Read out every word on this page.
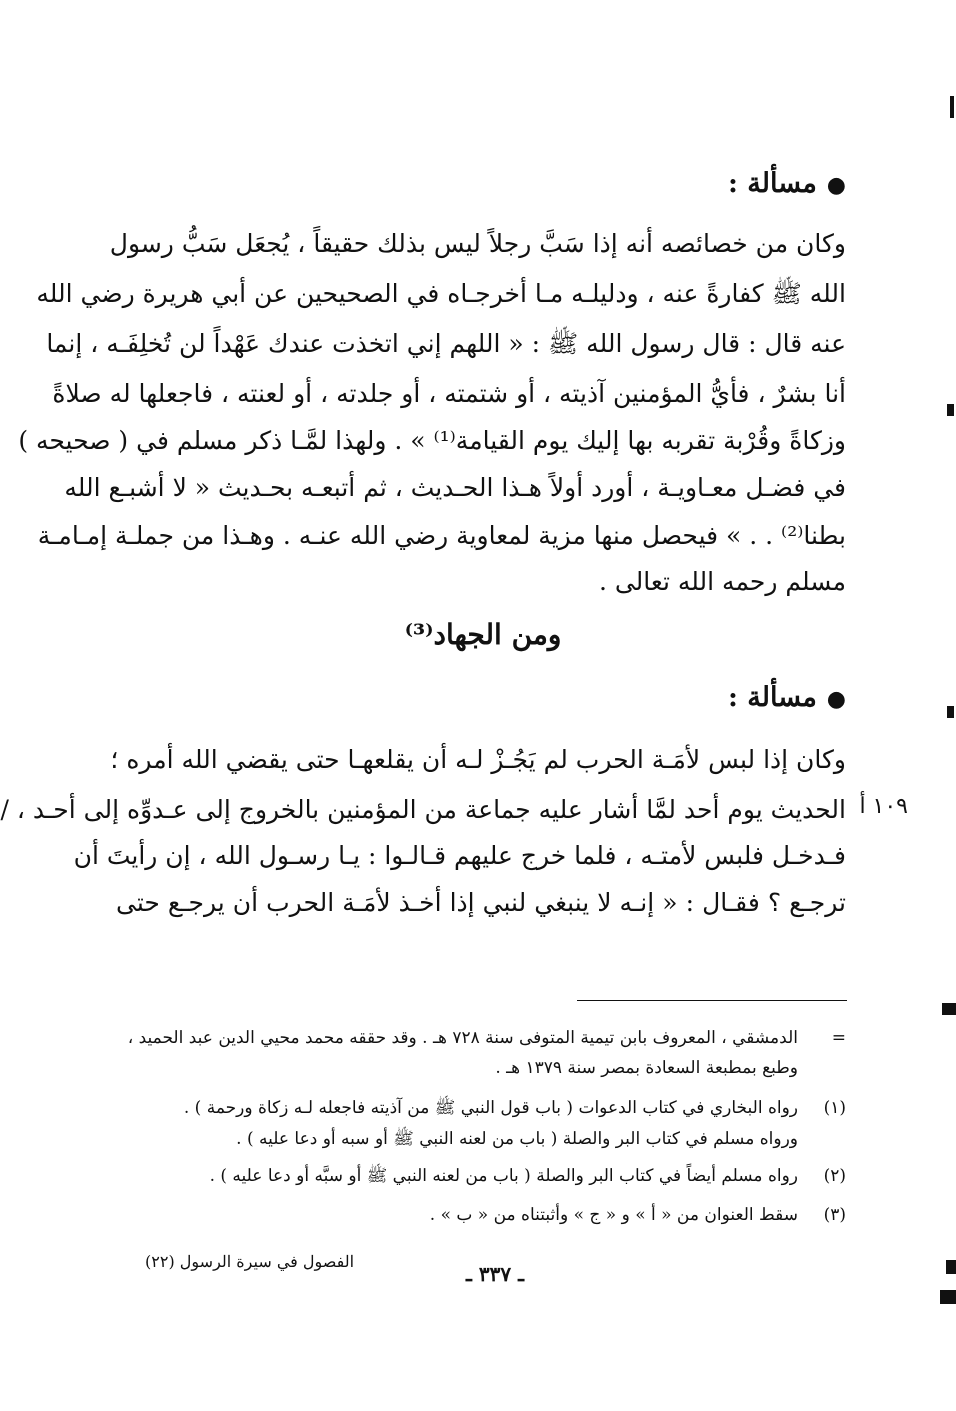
●مسألة :
وكان من خصائصه أنه إذا سَبَّ رجلاً ليس بذلك حقيقاً ، يُجعَل سَبُّ رسول
الله ﷺ كفارةً عنه ، ودليلـه مـا أخرجـاه في الصحيحين عن أبي هريرة رضي الله
عنه قال : قال رسول الله ﷺ : « اللهم إني اتخذت عندك عَهْداً لن تُخلِفَـه ، إنما
أنا بشرٌ ، فأيُّ المؤمنين آذيته ، أو شتمته ، أو جلدته ، أو لعنته ، فاجعلها له صلاةً
وزكاةً وقُرْبة تقربه بها إليك يوم القيامة⁽¹⁾ » . ولهذا لمَّـا ذكر مسلم في ( صحيحه )
في فضـل معـاويـة ، أورد أولاً هـذا الحـديث ، ثم أتبعـه بحـديث « لا أشبـع الله
بطنا⁽²⁾ . . » فيحصل منها مزية لمعاوية رضي الله عنـه . وهـذا من جملـة إمـامـة
مسلم رحمه الله تعالى .
ومن الجهاد⁽³⁾
●مسألة :
وكان إذا لبس لأمَـة الحرب لم يَجُـزْ لـه أن يقلعهـا حتى يقضي الله أمره ؛
الحديث يوم أحد لمَّا أشار عليه جماعة من المؤمنين بالخروج إلى عـدوِّه إلى أحـد ، /
فـدخـل فلبس لأمتـه ، فلما خرج عليهم قـالـوا : يـا رسـول الله ، إن رأيتَ أن
ترجـع ؟ فقـال : « إنـه لا ينبغي لنبي إذا أخـذ لأمَـة الحرب أن يرجـع حتى
١٠٩ أ
=الدمشقي ، المعروف بابن تيمية المتوفى سنة ٧٢٨ هـ . وقد حققه محمد محيي الدين عبد الحميد ،
وطبع بمطبعة السعادة بمصر سنة ١٣٧٩ هـ .
(١)رواه البخاري في كتاب الدعوات ( باب قول النبي ﷺ من آذيته فاجعله لـه زكاة ورحمة ) .
ورواه مسلم في كتاب البر والصلة ( باب من لعنه النبي ﷺ أو سبه أو دعا عليه ) .
(٢)رواه مسلم أيضاً في كتاب البر والصلة ( باب من لعنه النبي ﷺ أو سبَّه أو دعا عليه ) .
(٣)سقط العنوان من « أ » و « ج » وأثبتناه من « ب » .
ـ ٣٣٧ ـ
الفصول في سيرة الرسول (٢٢)
